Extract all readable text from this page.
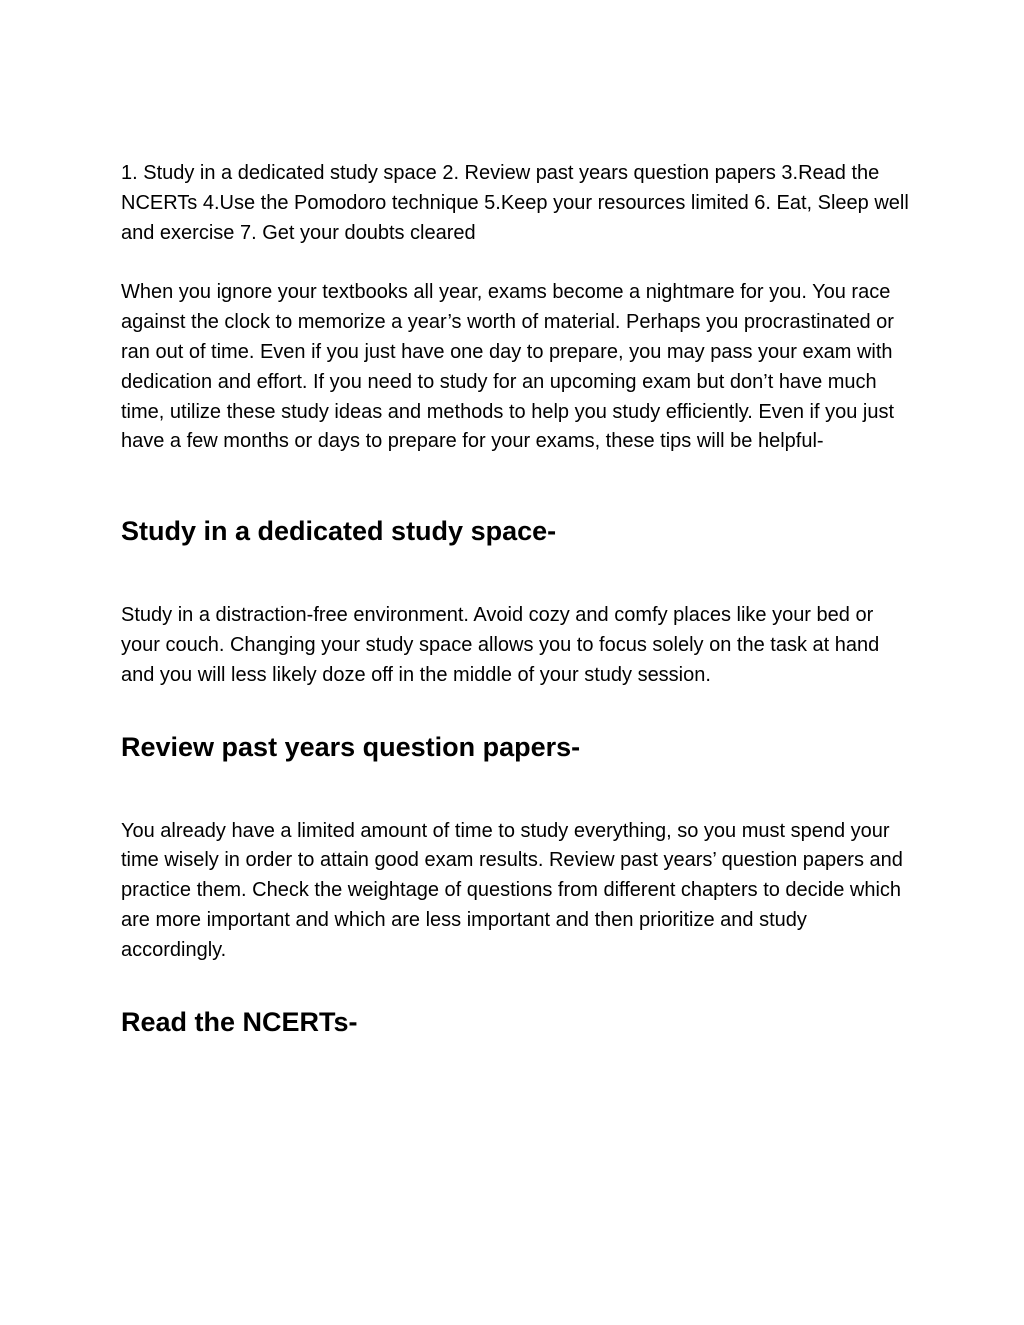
1. Study in a dedicated study space 2. Review past years question papers 3.Read the NCERTs 4.Use the Pomodoro technique 5.Keep your resources limited 6. Eat, Sleep well and exercise 7. Get your doubts cleared

When you ignore your textbooks all year, exams become a nightmare for you. You race against the clock to memorize a year’s worth of material. Perhaps you procrastinated or ran out of time. Even if you just have one day to prepare, you may pass your exam with dedication and effort. If you need to study for an upcoming exam but don’t have much time, utilize these study ideas and methods to help you study efficiently. Even if you just have a few months or days to prepare for your exams, these tips will be helpful-

Study in a dedicated study space-

Study in a distraction-free environment. Avoid cozy and comfy places like your bed or your couch. Changing your study space allows you to focus solely on the task at hand and you will less likely doze off in the middle of your study session.

Review past years question papers-

You already have a limited amount of time to study everything, so you must spend your time wisely in order to attain good exam results. Review past years’ question papers and practice them. Check the weightage of questions from different chapters to decide which are more important and which are less important and then prioritize and study accordingly.

Read the NCERTs-
